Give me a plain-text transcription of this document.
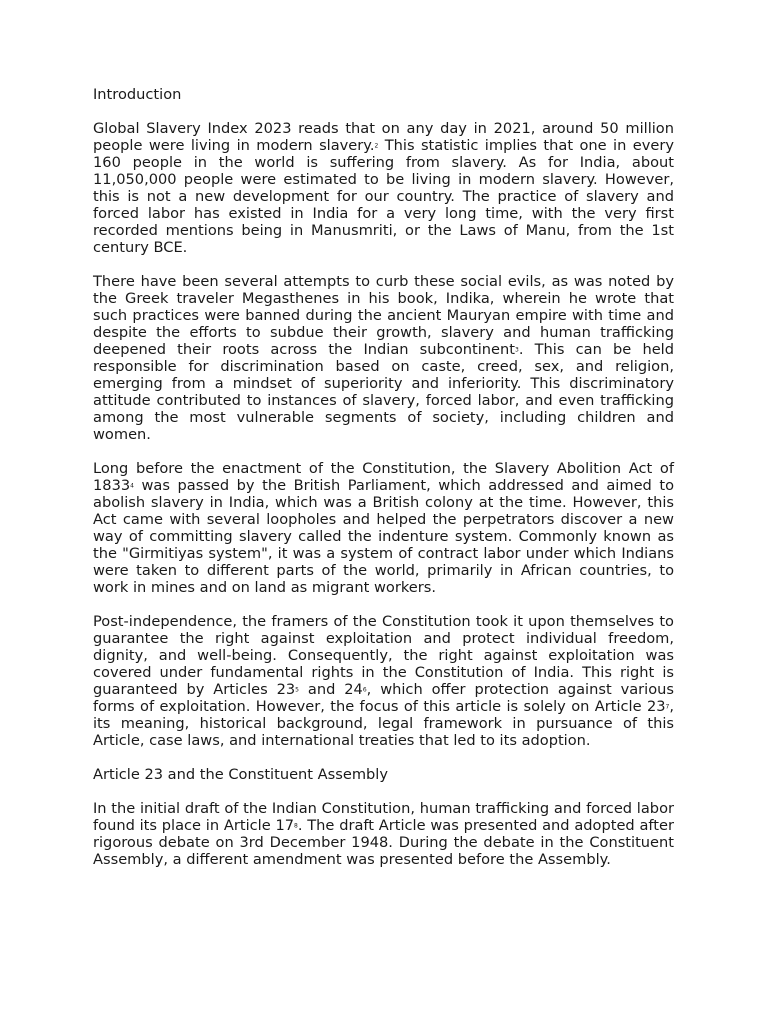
Introduction

Global Slavery Index 2023 reads that on any day in 2021, around 50 million people were living in modern slavery.$^2$ This statistic implies that one in every 160 people in the world is suffering from slavery. As for India, about 11,050,000 people were estimated to be living in modern slavery. However, this is not a new development for our country. The practice of slavery and forced labor has existed in India for a very long time, with the very first recorded mentions being in Manusmriti, or the Laws of Manu, from the 1st century BCE.

There have been several attempts to curb these social evils, as was noted by the Greek traveler Megasthenes in his book, Indika, wherein he wrote that such practices were banned during the ancient Mauryan empire with time and despite the efforts to subdue their growth, slavery and human trafficking deepened their roots across the Indian subcontinent$^3$. This can be held responsible for discrimination based on caste, creed, sex, and religion, emerging from a mindset of superiority and inferiority. This discriminatory attitude contributed to instances of slavery, forced labor, and even trafficking among the most vulnerable segments of society, including children and women.

Long before the enactment of the Constitution, the Slavery Abolition Act of 1833$^4$ was passed by the British Parliament, which addressed and aimed to abolish slavery in India, which was a British colony at the time. However, this Act came with several loopholes and helped the perpetrators discover a new way of committing slavery called the indenture system. Commonly known as the "Girmitiyas system", it was a system of contract labor under which Indians were taken to different parts of the world, primarily in African countries, to work in mines and on land as migrant workers.

Post-independence, the framers of the Constitution took it upon themselves to guarantee the right against exploitation and protect individual freedom, dignity, and well-being. Consequently, the right against exploitation was covered under fundamental rights in the Constitution of India. This right is guaranteed by Articles $23^5$ and $24^6$, which offer protection against various forms of exploitation. However, the focus of this article is solely on Article $23^7$, its meaning, historical background, legal framework in pursuance of this Article, case laws, and international treaties that led to its adoption.

Article 23 and the Constituent Assembly

In the initial draft of the Indian Constitution, human trafficking and forced labor found its place in Article $17^8$. The draft Article was presented and adopted after rigorous debate on 3rd December 1948. During the debate in the Constituent Assembly, a different amendment was presented before the Assembly.
